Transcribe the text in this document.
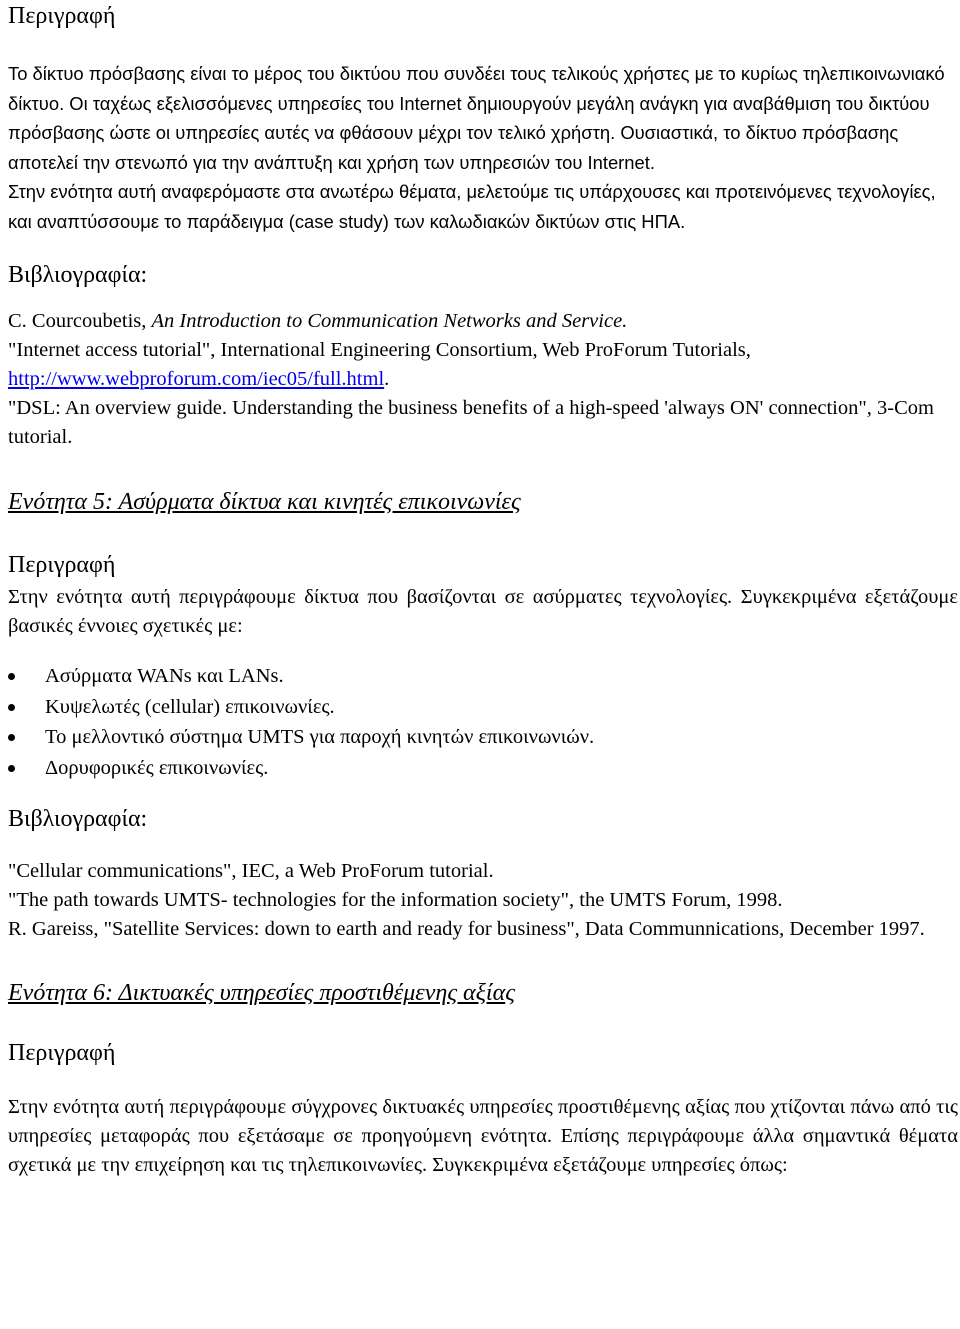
Περιγραφή

Το δίκτυο πρόσβασης είναι το μέρος του δικτύου που συνδέει τους τελικούς χρήστες με το κυρίως τηλεπικοινωνιακό δίκτυο. Οι ταχέως εξελισσόμενες υπηρεσίες του Internet δημιουργούν μεγάλη ανάγκη για αναβάθμιση του δικτύου πρόσβασης ώστε οι υπηρεσίες αυτές να φθάσουν μέχρι τον τελικό χρήστη. Ουσιαστικά, το δίκτυο πρόσβασης αποτελεί την στενωπό για την ανάπτυξη και χρήση των υπηρεσιών του Internet.

Στην ενότητα αυτή αναφερόμαστε στα ανωτέρω θέματα, μελετούμε τις υπάρχουσες και προτεινόμενες τεχνολογίες, και αναπτύσσουμε το παράδειγμα (case study) των καλωδιακών δικτύων στις ΗΠΑ.

Βιβλιογραφία:

C. Courcoubetis, An Introduction to Communication Networks and Service.

"Internet access tutorial", International Engineering Consortium, Web ProForum Tutorials, http://www.webproforum.com/iec05/full.html.

"DSL: An overview guide. Understanding the business benefits of a high-speed 'always ON' connection", 3-Com tutorial.

Ενότητα 5: Ασύρματα δίκτυα και κινητές επικοινωνίες
Περιγραφή

Στην ενότητα αυτή περιγράφουμε δίκτυα που βασίζονται σε ασύρματες τεχνολογίες. Συγκεκριμένα εξετάζουμε βασικές έννοιες σχετικές με:

Ασύρματα WANs και LANs.
Κυψελωτές (cellular) επικοινωνίες.
Το μελλοντικό σύστημα UMTS για παροχή κινητών επικοινωνιών.
Δορυφορικές επικοινωνίες.
Βιβλιογραφία:

"Cellular communications", IEC, a Web ProForum tutorial.

"The path towards UMTS- technologies for the information society", the UMTS Forum, 1998.

R. Gareiss, "Satellite Services: down to earth and ready for business", Data Communnications, December 1997.

Ενότητα 6: Δικτυακές υπηρεσίες προστιθέμενης αξίας
Περιγραφή

Στην ενότητα αυτή περιγράφουμε σύγχρονες δικτυακές υπηρεσίες προστιθέμενης αξίας που χτίζονται πάνω από τις υπηρεσίες μεταφοράς που εξετάσαμε σε προηγούμενη ενότητα. Επίσης περιγράφουμε άλλα σημαντικά θέματα σχετικά με την επιχείρηση και τις τηλεπικοινωνίες. Συγκεκριμένα εξετάζουμε υπηρεσίες όπως:
